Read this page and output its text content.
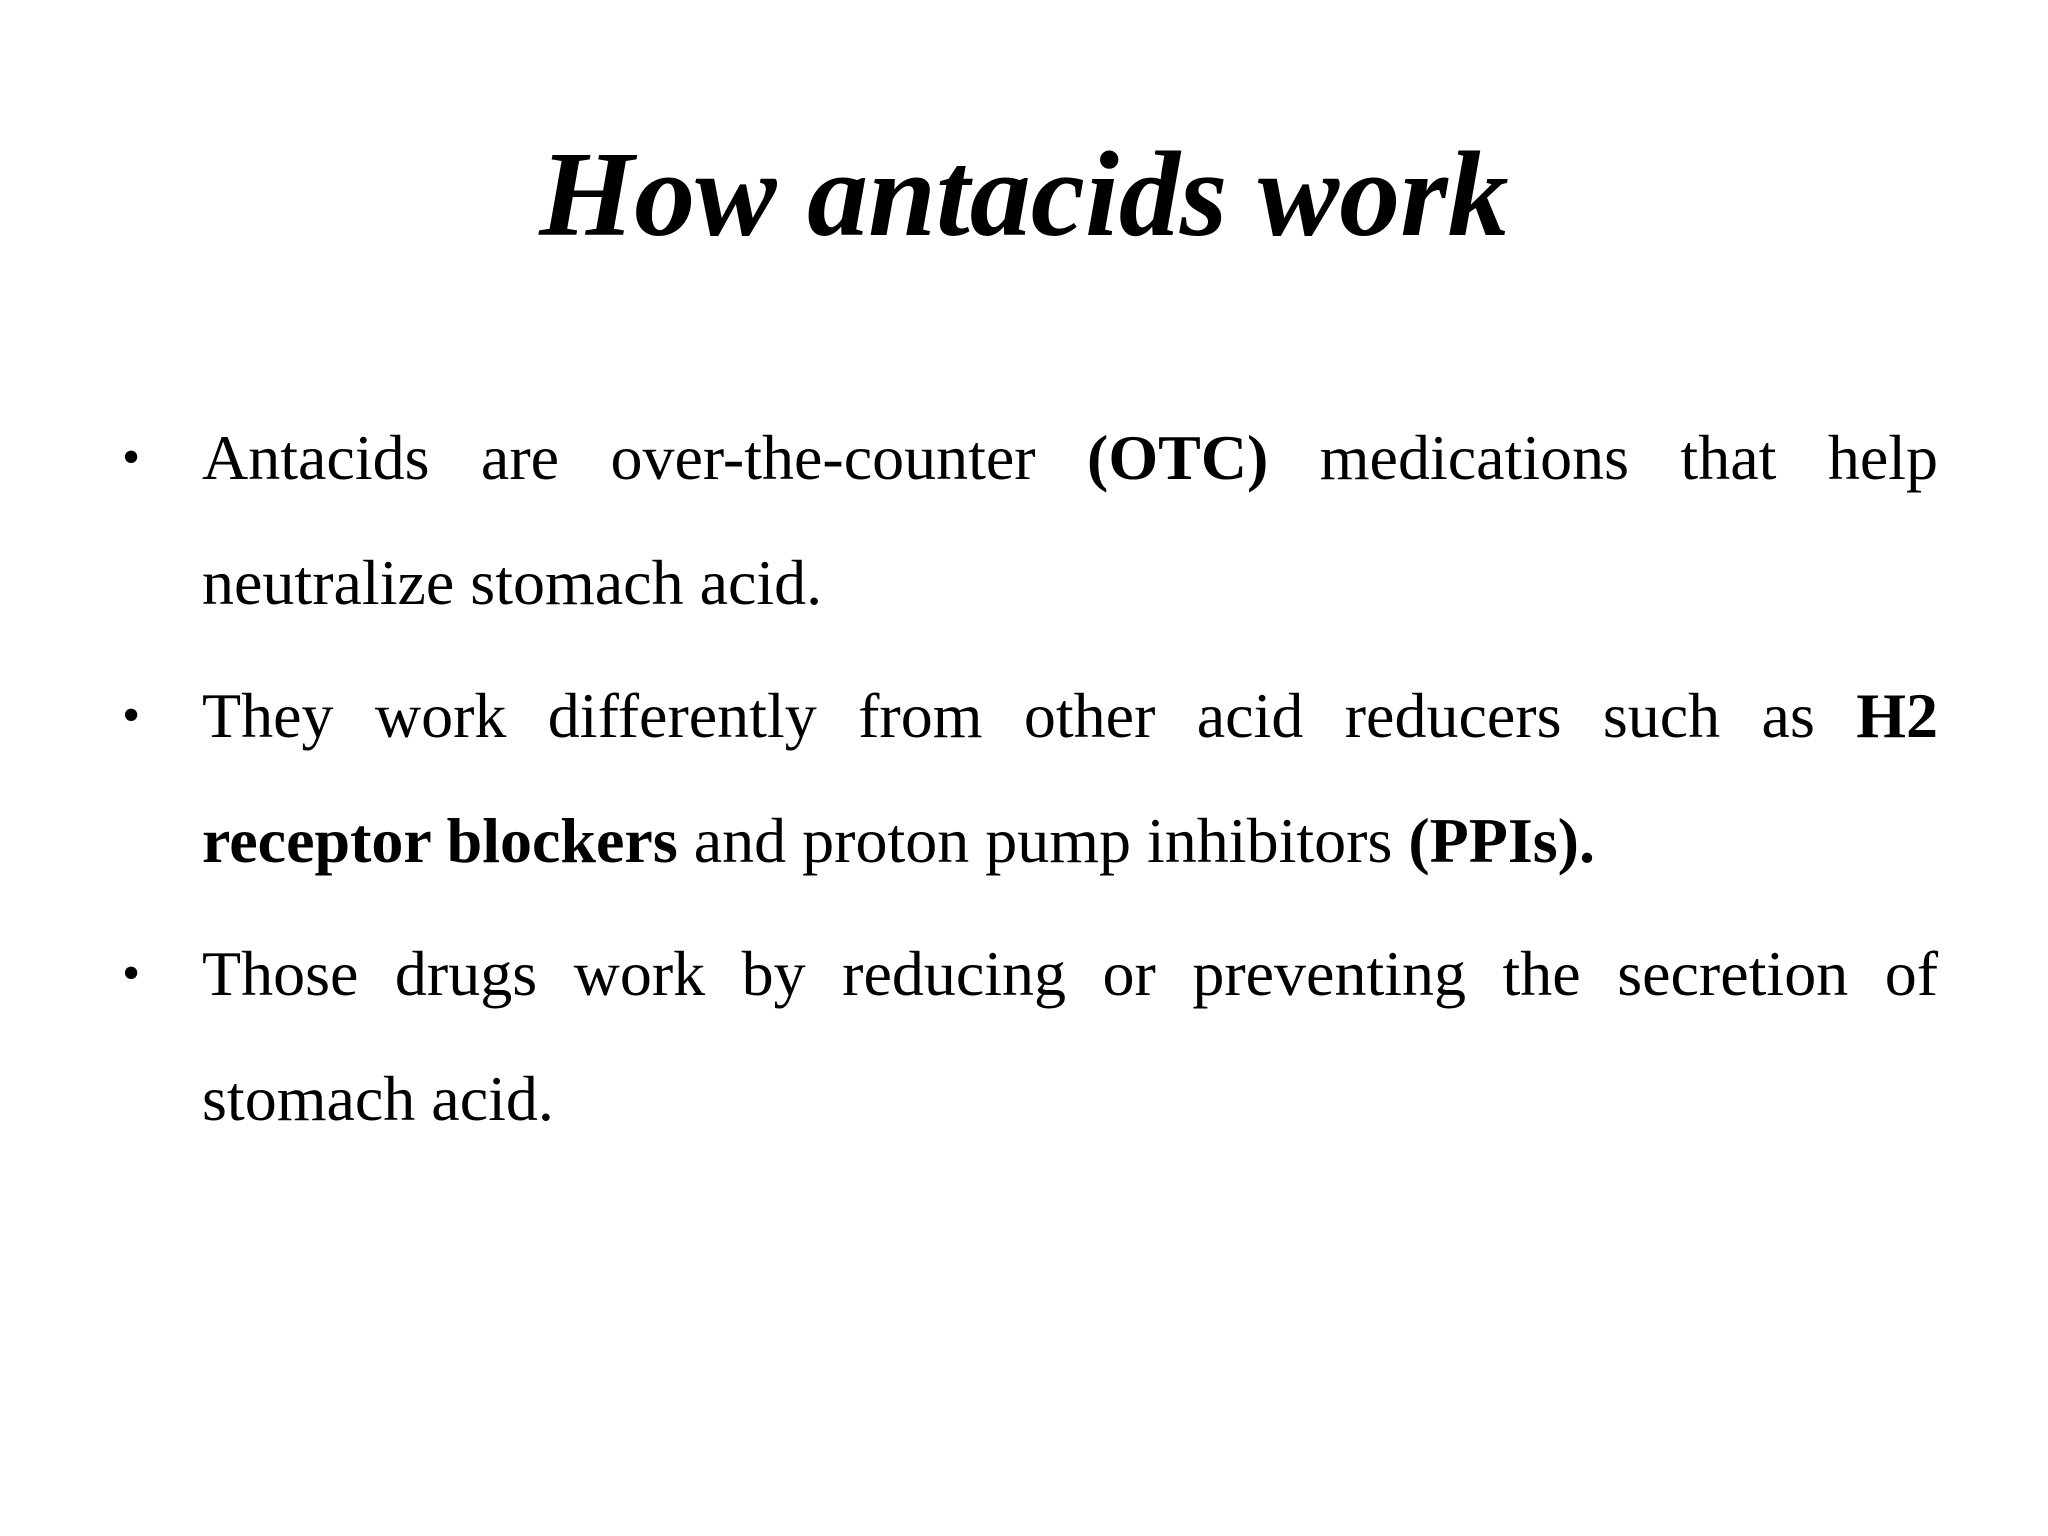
How antacids work
• Antacids are over-the-counter (OTC) medications that help neutralize stomach acid.
• They work differently from other acid reducers such as H2 receptor blockers and proton pump inhibitors (PPIs).
• Those drugs work by reducing or preventing the secretion of stomach acid.
